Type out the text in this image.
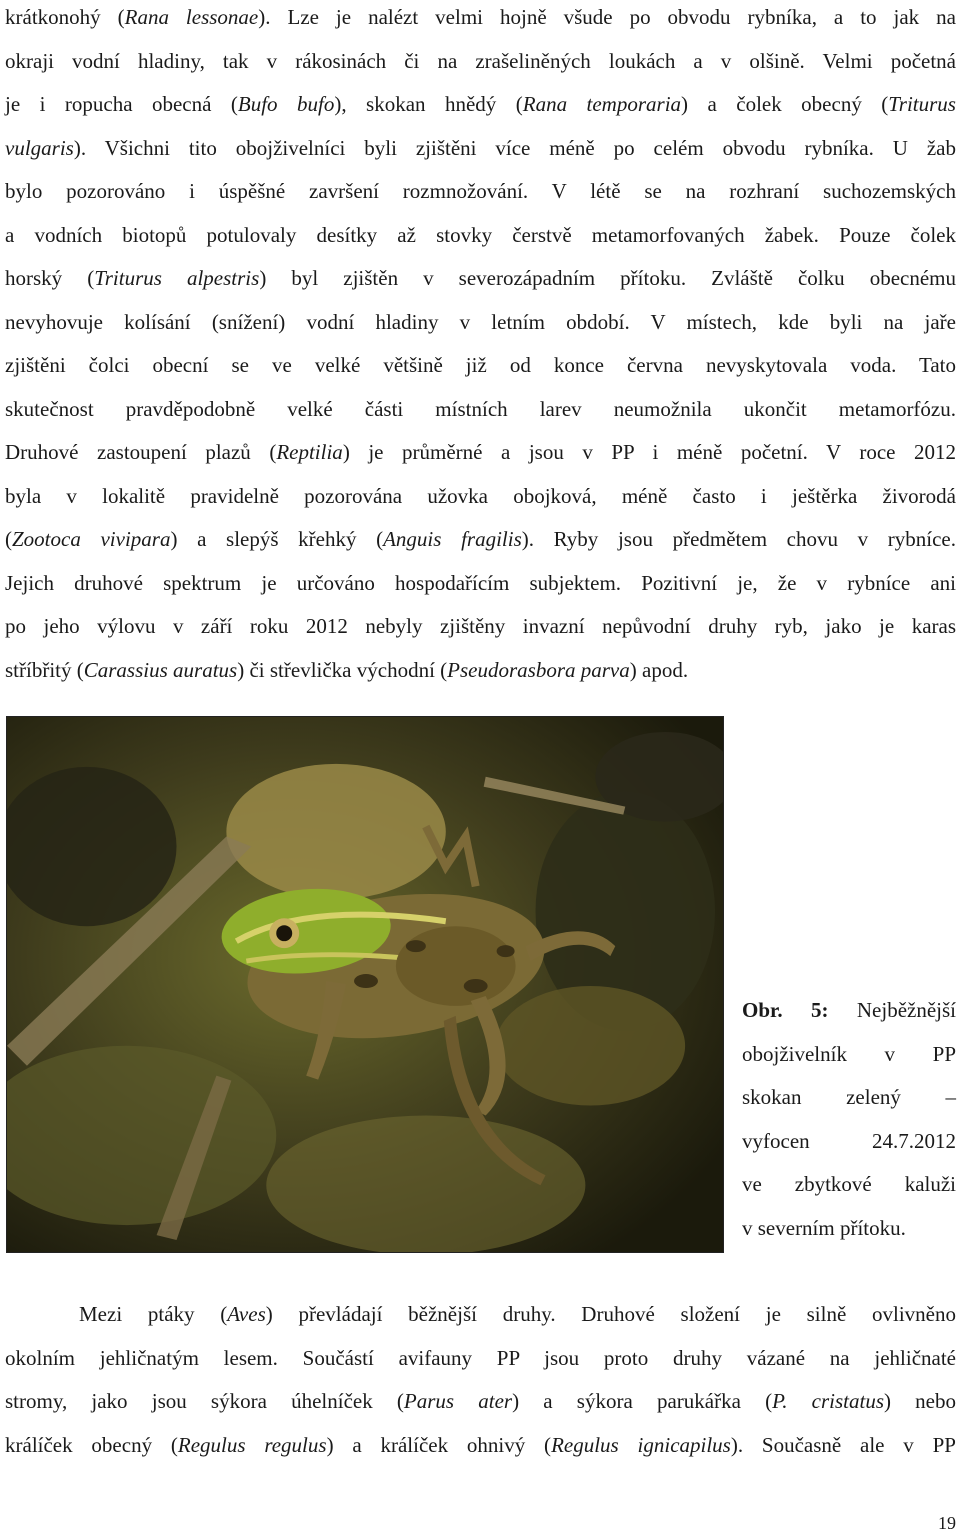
krátkonohý (Rana lessonae). Lze je nalézt velmi hojně všude po obvodu rybníka, a to jak na
okraji vodní hladiny, tak v rákosinách či na zrašeliněných loukách a v olšině. Velmi početná
je i ropucha obecná (Bufo bufo), skokan hnědý (Rana temporaria) a čolek obecný (Triturus
vulgaris). Všichni tito obojživelníci byli zjištěni více méně po celém obvodu rybníka. U žab
bylo pozorováno i úspěšné završení rozmnožování. V létě se na rozhraní suchozemských
a vodních biotopů potulovaly desítky až stovky čerstvě metamorfovaných žabek. Pouze čolek
horský (Triturus alpestris) byl zjištěn v severozápadním přítoku. Zvláště čolku obecnému
nevyhovuje kolísání (snížení) vodní hladiny v letním období. V místech, kde byli na jaře
zjištěni čolci obecní se ve velké většině již od konce června nevyskytovala voda. Tato
skutečnost pravděpodobně velké části místních larev neumožnila ukončit metamorfózu.
Druhové zastoupení plazů (Reptilia) je průměrné a jsou v PP i méně početní. V roce 2012
byla v lokalitě pravidelně pozorována užovka obojková, méně často i ještěrka živorodá
(Zootoca vivipara) a slepýš křehký (Anguis fragilis). Ryby jsou předmětem chovu v rybníce.
Jejich druhové spektrum je určováno hospodařícím subjektem. Pozitivní je, že v rybníce ani
po jeho výlovu v září roku 2012 nebyly zjištěny invazní nepůvodní druhy ryb, jako je karas
stříbřitý (Carassius auratus) či střevlička východní (Pseudorasbora parva) apod.
Obr. 5: Nejběžnější
obojživelník v PP
skokan zelený –
vyfocen 24.7.2012
ve zbytkové kaluži
v severním přítoku.
Mezi ptáky (Aves) převládají běžnější druhy. Druhové složení je silně ovlivněno
okolním jehličnatým lesem. Součástí avifauny PP jsou proto druhy vázané na jehličnaté
stromy, jako jsou sýkora úhelníček (Parus ater) a sýkora parukářka (P. cristatus) nebo
králíček obecný (Regulus regulus) a králíček ohnivý (Regulus ignicapilus). Současně ale v PP
19
